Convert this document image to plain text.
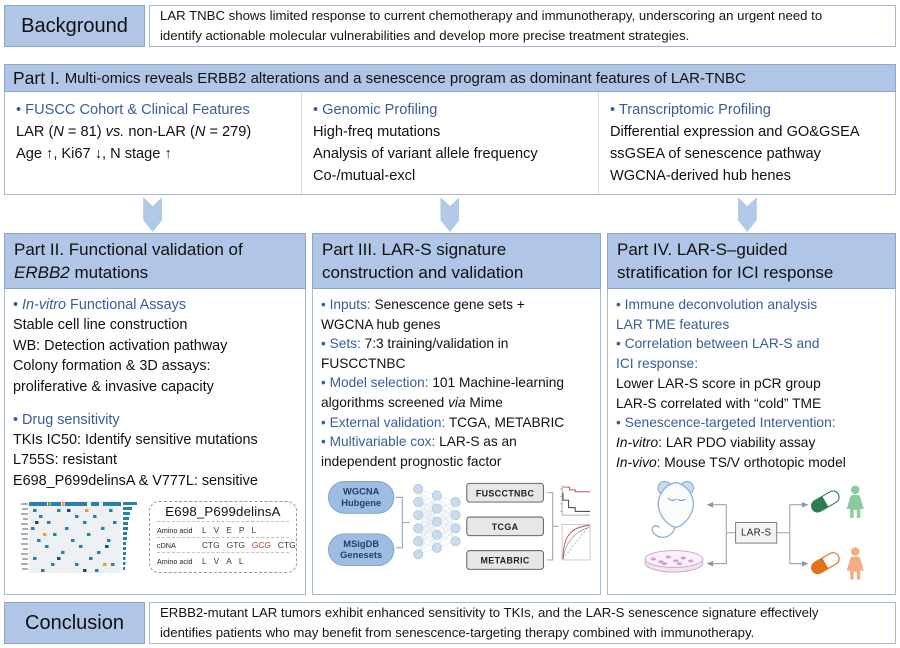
Background	LAR TNBC shows limited response to current chemotherapy and immunotherapy, underscoring an urgent need to
identify actionable molecular vulnerabilities and develop more precise treatment strategies.
Part I. Multi-omics reveals ERBB2 alterations and a senescence program as dominant features of LAR-TNBC
• FUSCC Cohort & Clinical Features
LAR (N = 81) vs. non-LAR (N = 279)
Age ↑, Ki67 ↓, N stage ↑
• Genomic Profiling
High-freq mutations
Analysis of variant allele frequency
Co-/mutual-excl
• Transcriptomic Profiling
Differential expression and GO&GSEA
ssGSEA of senescence pathway
WGCNA-derived hub henes
Part II. Functional validation of
ERBB2 mutations
• In-vitro Functional Assays
Stable cell line construction
WB: Detection activation pathway
Colony formation & 3D assays:
proliferative & invasive capacity
• Drug sensitivity
TKIs IC50: Identify sensitive mutations
L755S: resistant
E698_P699delinsA & V777L: sensitive
E698_P699delinsA
Amino acid L V E P L
cDNA	CTG GTG GCG CTG
Amino acid L V A L
Part III. LAR-S signature
construction and validation
• Inputs: Senescence gene sets +
WGCNA hub genes
• Sets: 7:3 training/validation in
FUSCCTNBC
• Model selection: 101 Machine-learning
algorithms screened via Mime
• External validation: TCGA, METABRIC
• Multivariable cox: LAR-S as an
independent prognostic factor
WGCNA
Hubgene
MSigDB
Genesets
FUSCCTNBC
TCGA
METABRIC
Part IV. LAR-S–guided
stratification for ICI response
• Immune deconvolution analysis
LAR TME features
• Correlation between LAR-S and
ICI response:
Lower LAR-S score in pCR group
LAR-S correlated with “cold” TME
• Senescence-targeted Intervention:
In-vitro: LAR PDO viability assay
In-vivo: Mouse TS/V orthotopic model
LAR-S
Conclusion	ERBB2-mutant LAR tumors exhibit enhanced sensitivity to TKIs, and the LAR-S senescence signature effectively
identifies patients who may benefit from senescence-targeting therapy combined with immunotherapy.
